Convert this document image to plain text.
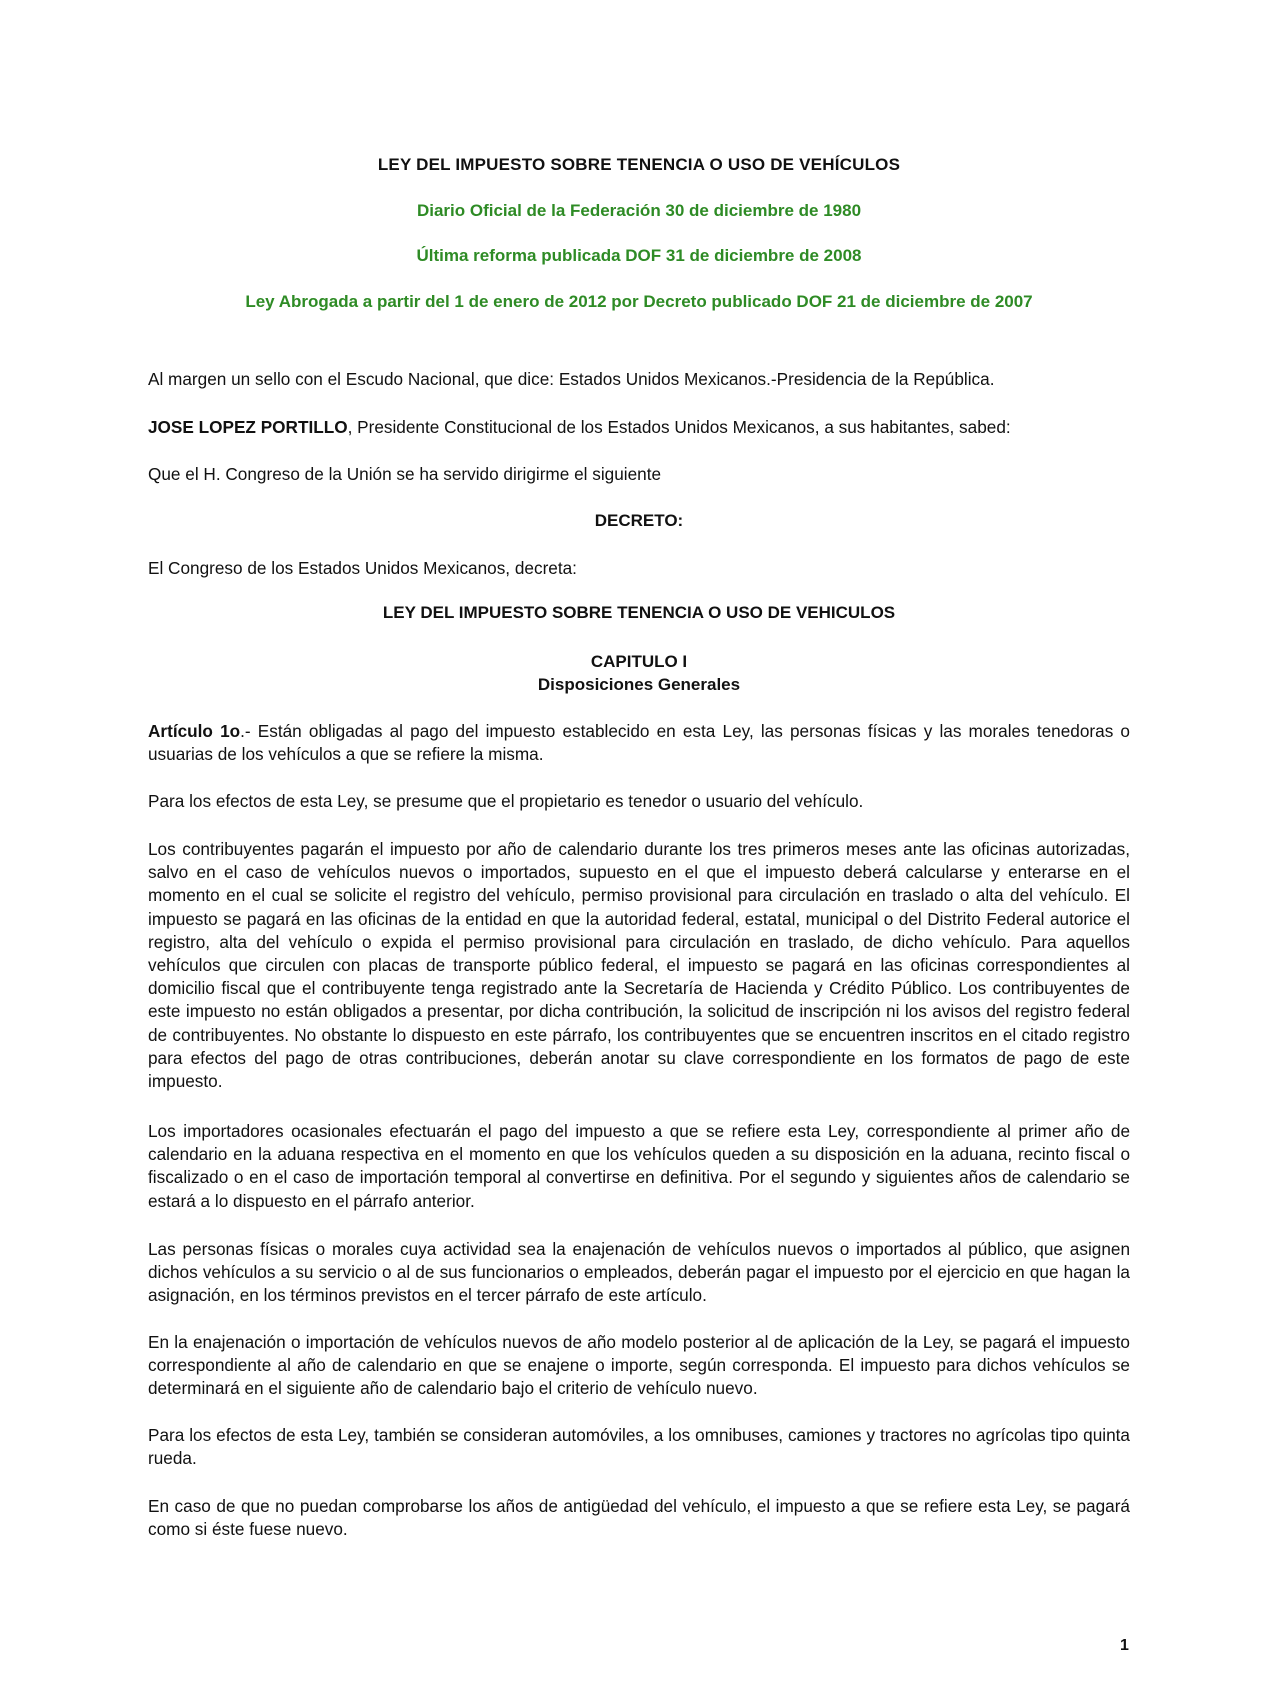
LEY DEL IMPUESTO SOBRE TENENCIA O USO DE VEHÍCULOS
Diario Oficial de la Federación 30 de diciembre de 1980
Última reforma publicada DOF 31 de diciembre de 2008
Ley Abrogada a partir del 1 de enero de 2012 por Decreto publicado DOF 21 de diciembre de 2007

Al margen un sello con el Escudo Nacional, que dice: Estados Unidos Mexicanos.-Presidencia de la República.

JOSE LOPEZ PORTILLO, Presidente Constitucional de los Estados Unidos Mexicanos, a sus habitantes, sabed:

Que el H. Congreso de la Unión se ha servido dirigirme el siguiente

DECRETO:

El Congreso de los Estados Unidos Mexicanos, decreta:

LEY DEL IMPUESTO SOBRE TENENCIA O USO DE VEHICULOS
CAPITULO I
Disposiciones Generales

Artículo 1o.- Están obligadas al pago del impuesto establecido en esta Ley, las personas físicas y las morales tenedoras o usuarias de los vehículos a que se refiere la misma.

Para los efectos de esta Ley, se presume que el propietario es tenedor o usuario del vehículo.

Los contribuyentes pagarán el impuesto por año de calendario durante los tres primeros meses ante las oficinas autorizadas, salvo en el caso de vehículos nuevos o importados, supuesto en el que el impuesto deberá calcularse y enterarse en el momento en el cual se solicite el registro del vehículo, permiso provisional para circulación en traslado o alta del vehículo. El impuesto se pagará en las oficinas de la entidad en que la autoridad federal, estatal, municipal o del Distrito Federal autorice el registro, alta del vehículo o expida el permiso provisional para circulación en traslado, de dicho vehículo. Para aquellos vehículos que circulen con placas de transporte público federal, el impuesto se pagará en las oficinas correspondientes al domicilio fiscal que el contribuyente tenga registrado ante la Secretaría de Hacienda y Crédito Público. Los contribuyentes de este impuesto no están obligados a presentar, por dicha contribución, la solicitud de inscripción ni los avisos del registro federal de contribuyentes. No obstante lo dispuesto en este párrafo, los contribuyentes que se encuentren inscritos en el citado registro para efectos del pago de otras contribuciones, deberán anotar su clave correspondiente en los formatos de pago de este impuesto.

Los importadores ocasionales efectuarán el pago del impuesto a que se refiere esta Ley, correspondiente al primer año de calendario en la aduana respectiva en el momento en que los vehículos queden a su disposición en la aduana, recinto fiscal o fiscalizado o en el caso de importación temporal al convertirse en definitiva. Por el segundo y siguientes años de calendario se estará a lo dispuesto en el párrafo anterior.

Las personas físicas o morales cuya actividad sea la enajenación de vehículos nuevos o importados al público, que asignen dichos vehículos a su servicio o al de sus funcionarios o empleados, deberán pagar el impuesto por el ejercicio en que hagan la asignación, en los términos previstos en el tercer párrafo de este artículo.

En la enajenación o importación de vehículos nuevos de año modelo posterior al de aplicación de la Ley, se pagará el impuesto correspondiente al año de calendario en que se enajene o importe, según corresponda. El impuesto para dichos vehículos se determinará en el siguiente año de calendario bajo el criterio de vehículo nuevo.

Para los efectos de esta Ley, también se consideran automóviles, a los omnibuses, camiones y tractores no agrícolas tipo quinta rueda.

En caso de que no puedan comprobarse los años de antigüedad del vehículo, el impuesto a que se refiere esta Ley, se pagará como si éste fuese nuevo.

1
